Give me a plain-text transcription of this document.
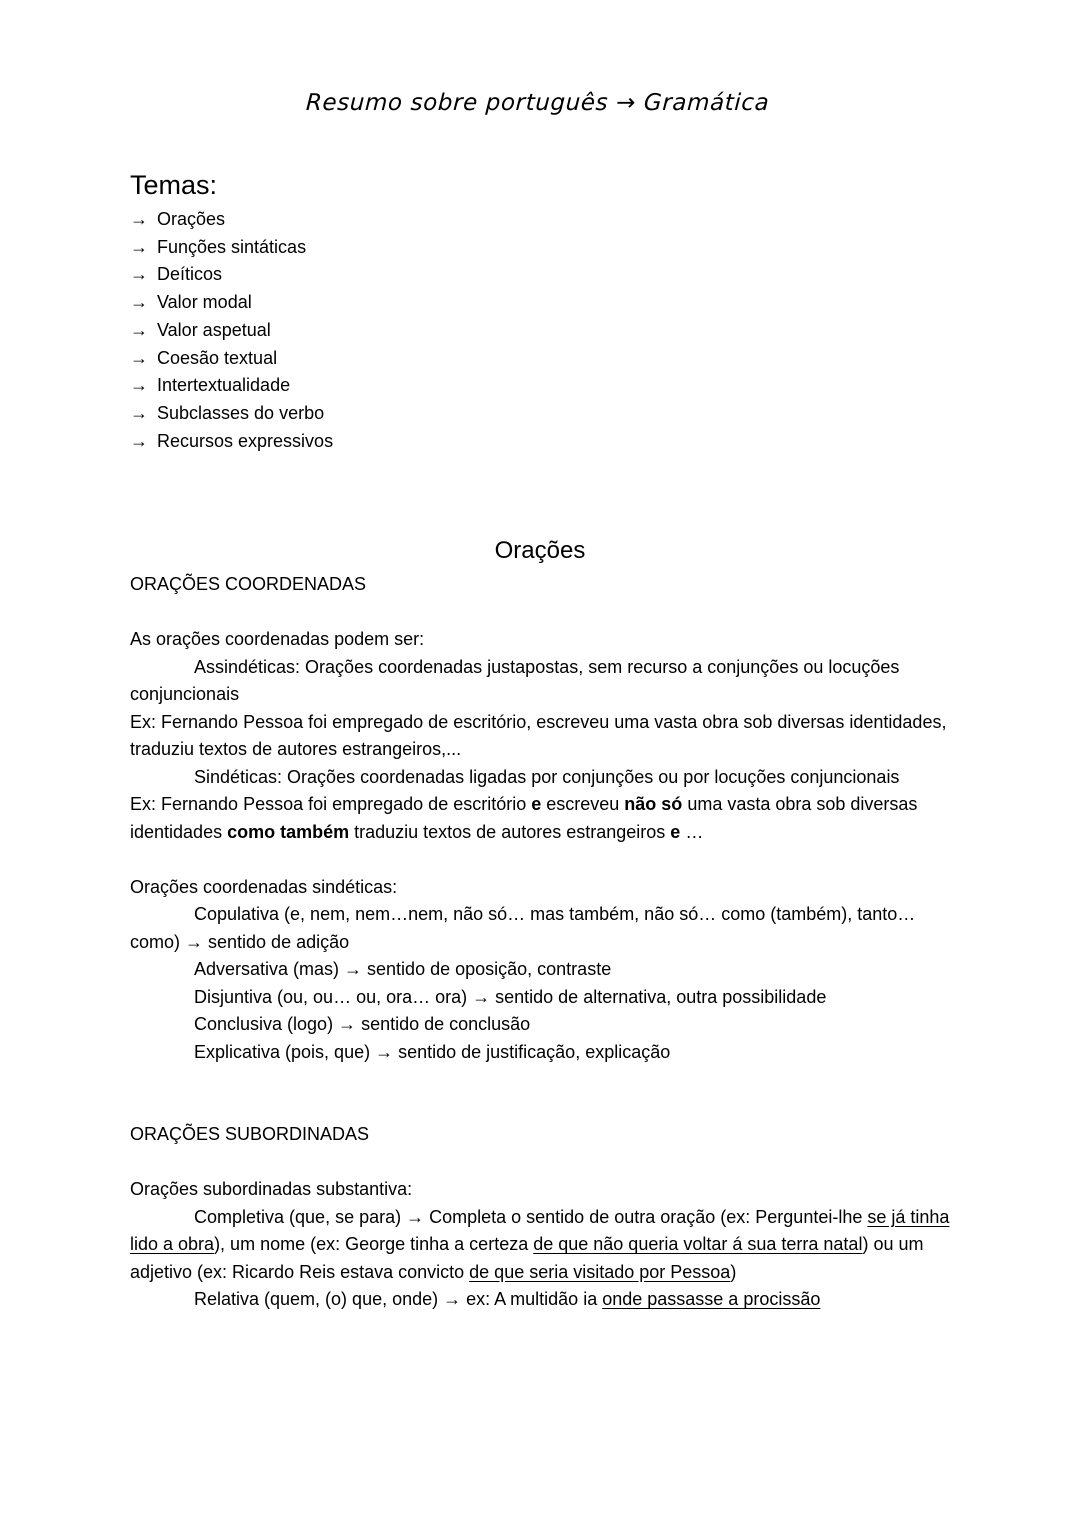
Resumo sobre português → Gramática
Temas:
→ Orações
→ Funções sintáticas
→ Deíticos
→ Valor modal
→ Valor aspetual
→ Coesão textual
→ Intertextualidade
→ Subclasses do verbo
→ Recursos expressivos
Orações
ORAÇÕES COORDENADAS
As orações coordenadas podem ser:
Assindéticas: Orações coordenadas justapostas, sem recurso a conjunções ou locuções conjuncionais
Ex: Fernando Pessoa foi empregado de escritório, escreveu uma vasta obra sob diversas identidades, traduziu textos de autores estrangeiros,...
Sindéticas: Orações coordenadas ligadas por conjunções ou por locuções conjuncionais
Ex: Fernando Pessoa foi empregado de escritório e escreveu não só uma vasta obra sob diversas identidades como também traduziu textos de autores estrangeiros e …
Orações coordenadas sindéticas:
Copulativa (e, nem, nem…nem, não só… mas também, não só… como (também), tanto… como) → sentido de adição
Adversativa (mas) → sentido de oposição, contraste
Disjuntiva (ou, ou… ou, ora… ora) → sentido de alternativa, outra possibilidade
Conclusiva (logo) → sentido de conclusão
Explicativa (pois, que) → sentido de justificação, explicação
ORAÇÕES SUBORDINADAS
Orações subordinadas substantiva:
Completiva (que, se para) → Completa o sentido de outra oração (ex: Perguntei-lhe se já tinha lido a obra), um nome (ex: George tinha a certeza de que não queria voltar á sua terra natal) ou um adjetivo (ex: Ricardo Reis estava convicto de que seria visitado por Pessoa)
Relativa (quem, (o) que, onde) → ex: A multidão ia onde passasse a procissão
